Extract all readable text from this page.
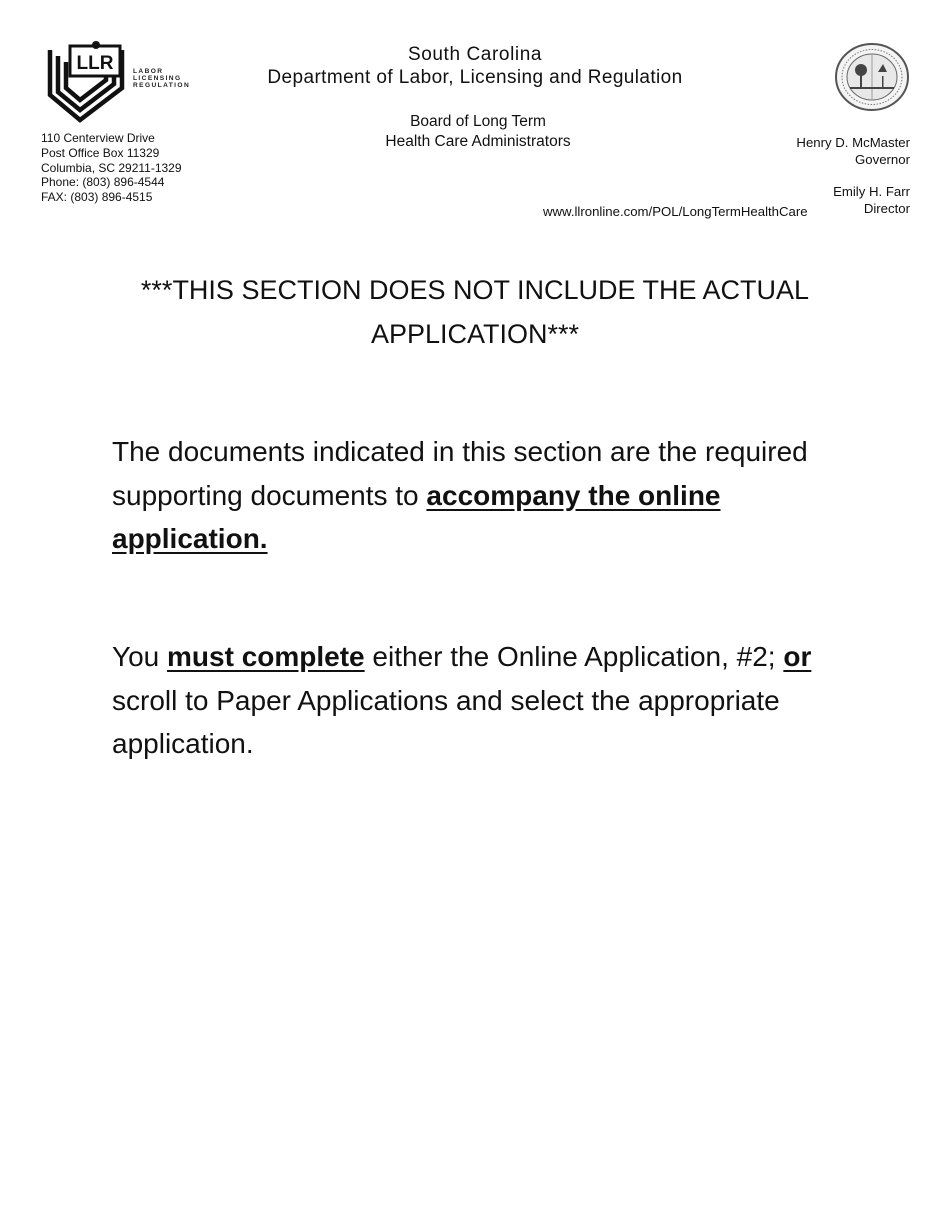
LLR	LABOR
LICENSING
REGULATION
110 Centerview Drive
Post Office Box 11329
Columbia, SC 29211-1329
Phone: (803) 896-4544
FAX: (803) 896-4515
South Carolina
Department of Labor, Licensing and Regulation
Board of Long Term
Health Care Administrators	Henry D. McMaster
Governor
Emily H. Farr
Director
www.llronline.com/POL/LongTermHealthCare
***THIS SECTION DOES NOT INCLUDE THE ACTUAL
APPLICATION***
The documents indicated in this section are the required supporting documents to accompany the online application.
You must complete either the Online Application, #2; or scroll to Paper Applications and select the appropriate application.
